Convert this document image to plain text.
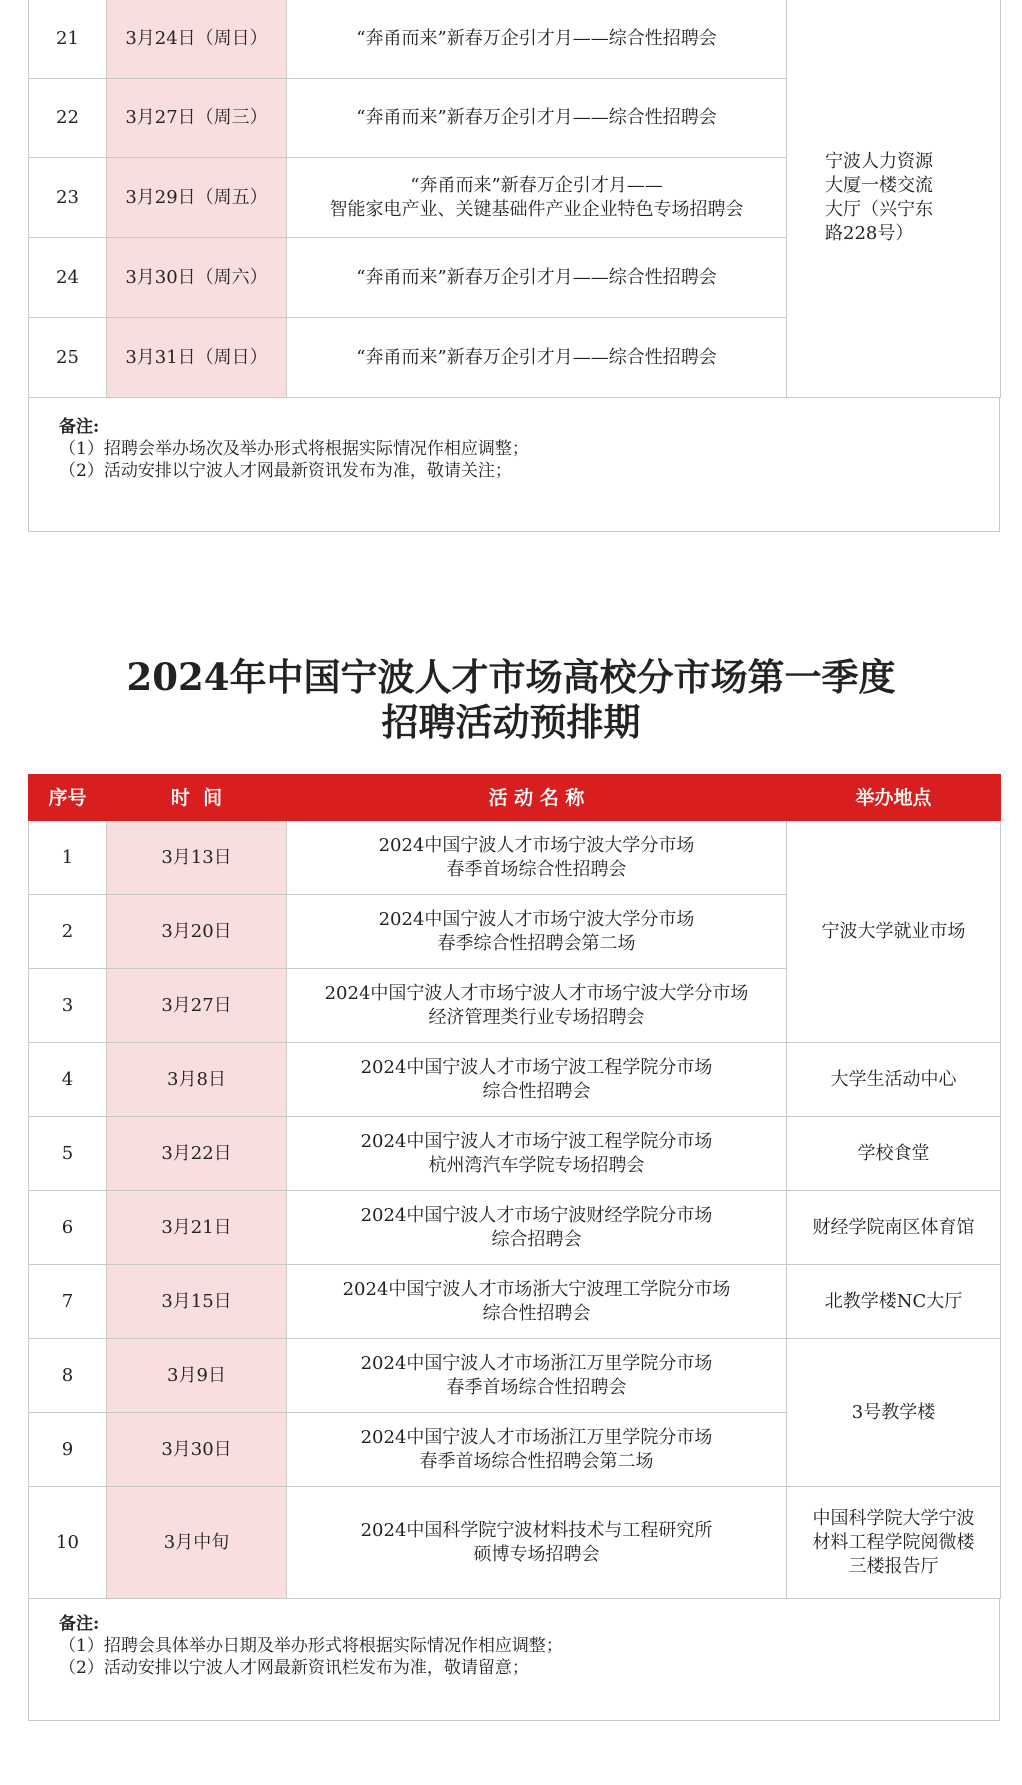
21	3月24日（周日）	“奔甬而来”新春万企引才月——综合性招聘会	宁波人力资源
大厦一楼交流
大厅（兴宁东
路228号）
22	3月27日（周三）	“奔甬而来”新春万企引才月——综合性招聘会	
23	3月29日（周五）	“奔甬而来”新春万企引才月——
智能家电产业、关键基础件产业企业特色专场招聘会	
24	3月30日（周六）	“奔甬而来”新春万企引才月——综合性招聘会	
25	3月31日（周日）	“奔甬而来”新春万企引才月——综合性招聘会	
备注:
（1）招聘会举办场次及举办形式将根据实际情况作相应调整；
（2）活动安排以宁波人才网最新资讯发布为准，敬请关注；
2024年中国宁波人才市场高校分市场第一季度
招聘活动预排期
序号	时  间	活 动 名 称	举办地点
1	3月13日	2024中国宁波人才市场宁波大学分市场
春季首场综合性招聘会	宁波大学就业市场
2	3月20日	2024中国宁波人才市场宁波大学分市场
春季综合性招聘会第二场	
3	3月27日	2024中国宁波人才市场宁波人才市场宁波大学分市场
经济管理类行业专场招聘会	
4	3月8日	2024中国宁波人才市场宁波工程学院分市场
综合性招聘会	大学生活动中心
5	3月22日	2024中国宁波人才市场宁波工程学院分市场
杭州湾汽车学院专场招聘会	学校食堂
6	3月21日	2024中国宁波人才市场宁波财经学院分市场
综合招聘会	财经学院南区体育馆
7	3月15日	2024中国宁波人才市场浙大宁波理工学院分市场
综合性招聘会	北教学楼NC大厅
8	3月9日	2024中国宁波人才市场浙江万里学院分市场
春季首场综合性招聘会	3号教学楼
9	3月30日	2024中国宁波人才市场浙江万里学院分市场
春季首场综合性招聘会第二场	
10	3月中旬	2024中国科学院宁波材料技术与工程研究所
硕博专场招聘会	中国科学院大学宁波
材料工程学院阅微楼
三楼报告厅
备注:
（1）招聘会具体举办日期及举办形式将根据实际情况作相应调整；
（2）活动安排以宁波人才网最新资讯栏发布为准，敬请留意；
